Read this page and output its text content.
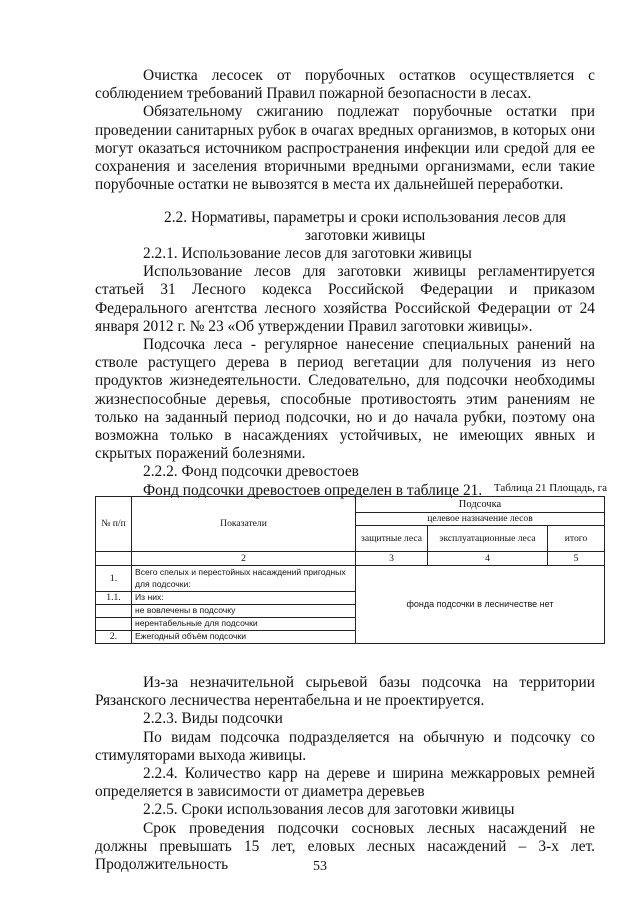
Очистка лесосек от порубочных остатков осуществляется с соблюдением требований Правил пожарной безопасности в лесах.

Обязательному сжиганию подлежат порубочные остатки при проведении санитарных рубок в очагах вредных организмов, в которых они могут оказаться источником распространения инфекции или средой для ее сохранения и заселения вторичными вредными организмами, если такие порубочные остатки не вывозятся в места их дальнейшей переработки.

2.2. Нормативы, параметры и сроки использования лесов для заготовки живицы

2.2.1. Использование лесов для заготовки живицы

Использование лесов для заготовки живицы регламентируется статьей 31 Лесного кодекса Российской Федерации и приказом Федерального агентства лесного хозяйства Российской Федерации от 24 января 2012 г. № 23 «Об утверждении Правил заготовки живицы».

Подсочка леса - регулярное нанесение специальных ранений на стволе растущего дерева в период вегетации для получения из него продуктов жизнедеятельности. Следовательно, для подсочки необходимы жизнеспособные деревья, способные противостоять этим ранениям не только на заданный период подсочки, но и до начала рубки, поэтому она возможна только в насаждениях устойчивых, не имеющих явных и скрытых поражений болезнями.

2.2.2. Фонд подсочки древостоев

Фонд подсочки древостоев определен в таблице 21.	Таблица 21 Площадь, га
№ п/п	Показатели	Подсочка		
		целевое назначение лесов		
		защитные леса	эксплуатационные леса	итого

	2	3	4	5
1.	Всего спелых и перестойных насаждений пригодных для подсочки:	фонда подсочки в лесничестве нет		
1.1.	Из них:			
	не вовлечены в подсочку			
	нерентабельные для подсочки			
2.	Ежегодный объём подсочки			

Из-за незначительной сырьевой базы подсочка на территории Рязанского лесничества нерентабельна и не проектируется.

2.2.3. Виды подсочки

По видам подсочка подразделяется на обычную и подсочку со стимуляторами выхода живицы.

2.2.4. Количество карр на дереве и ширина межкарровых ремней определяется в зависимости от диаметра деревьев

2.2.5. Сроки использования лесов для заготовки живицы

Срок проведения подсочки сосновых лесных насаждений не должны превышать 15 лет, еловых лесных насаждений – 3-х лет. Продолжительность	53
